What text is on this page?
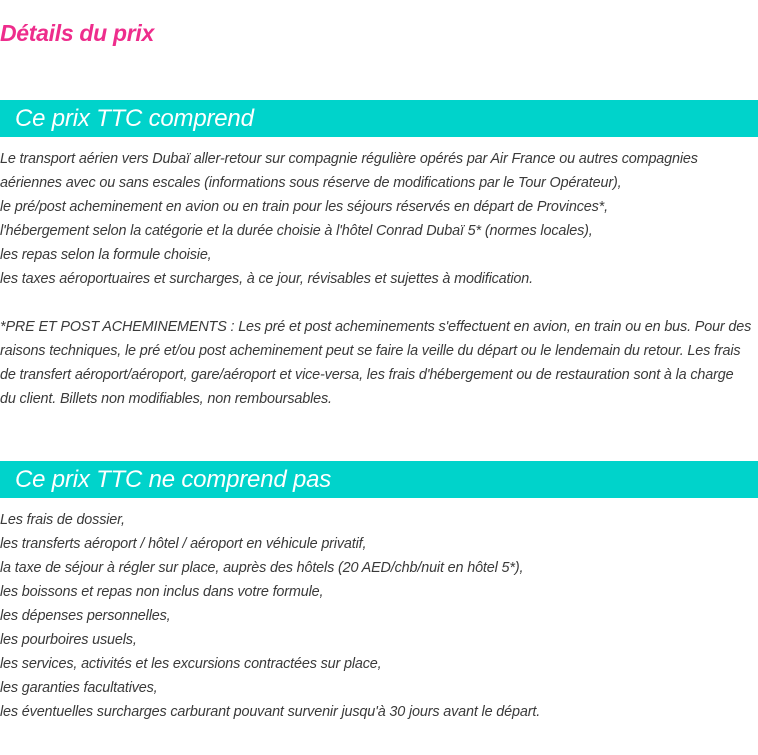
Détails du prix
Ce prix TTC comprend

Le transport aérien vers Dubaï aller-retour sur compagnie régulière opérés par Air France ou autres compagnies aériennes avec ou sans escales (informations sous réserve de modifications par le Tour Opérateur),

le pré/post acheminement en avion ou en train pour les séjours réservés en départ de Provinces*,

l'hébergement selon la catégorie et la durée choisie à l'hôtel Conrad Dubaï 5* (normes locales),

les repas selon la formule choisie,

les taxes aéroportuaires et surcharges, à ce jour, révisables et sujettes à modification.

*PRE ET POST ACHEMINEMENTS : Les pré et post acheminements s'effectuent en avion, en train ou en bus. Pour des raisons techniques, le pré et/ou post acheminement peut se faire la veille du départ ou le lendemain du retour. Les frais de transfert aéroport/aéroport, gare/aéroport et vice-versa, les frais d'hébergement ou de restauration sont à la charge du client. Billets non modifiables, non remboursables.

Ce prix TTC ne comprend pas

Les frais de dossier,

les transferts aéroport / hôtel / aéroport en véhicule privatif,

la taxe de séjour à régler sur place, auprès des hôtels (20 AED/chb/nuit en hôtel 5*),

les boissons et repas non inclus dans votre formule,

les dépenses personnelles,

les pourboires usuels,

les services, activités et les excursions contractées sur place,

les garanties facultatives,

les éventuelles surcharges carburant pouvant survenir jusqu'à 30 jours avant le départ.
